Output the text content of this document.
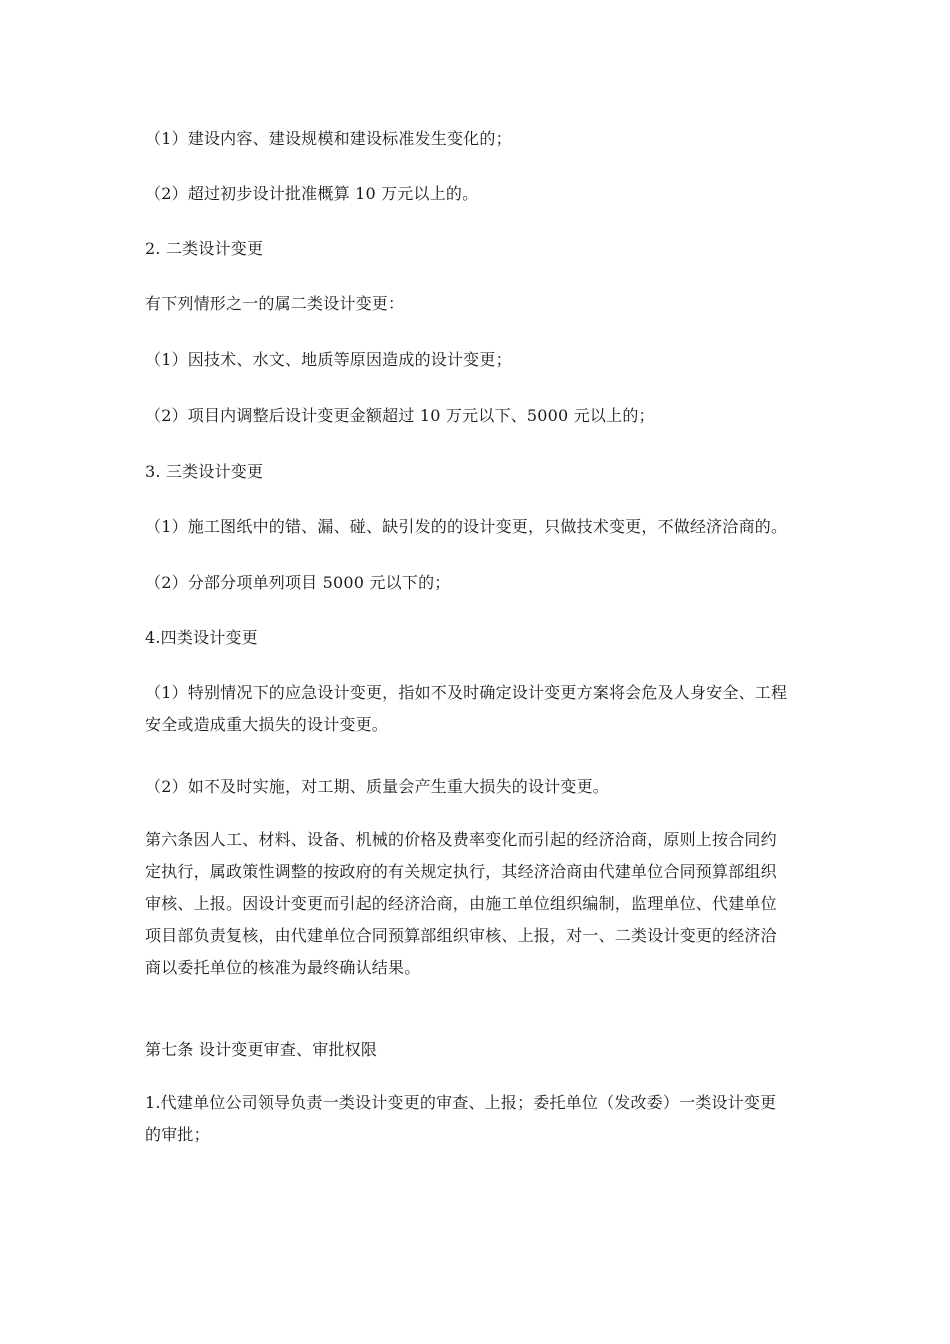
（1）建设内容、建设规模和建设标准发生变化的；
（2）超过初步设计批准概算 10 万元以上的。
2. 二类设计变更
有下列情形之一的属二类设计变更：
（1）因技术、水文、地质等原因造成的设计变更；
（2）项目内调整后设计变更金额超过 10 万元以下、5000 元以上的；
3. 三类设计变更
（1）施工图纸中的错、漏、碰、缺引发的的设计变更，只做技术变更，不做经济洽商的。
（2）分部分项单列项目 5000 元以下的；
4.四类设计变更
（1）特别情况下的应急设计变更，指如不及时确定设计变更方案将会危及人身安全、工程
安全或造成重大损失的设计变更。
（2）如不及时实施，对工期、质量会产生重大损失的设计变更。
第六条因人工、材料、设备、机械的价格及费率变化而引起的经济洽商，原则上按合同约
定执行，属政策性调整的按政府的有关规定执行，其经济洽商由代建单位合同预算部组织
审核、上报。因设计变更而引起的经济洽商，由施工单位组织编制，监理单位、代建单位
项目部负责复核，由代建单位合同预算部组织审核、上报，对一、二类设计变更的经济洽
商以委托单位的核准为最终确认结果。
第七条 设计变更审查、审批权限
1.代建单位公司领导负责一类设计变更的审查、上报；委托单位（发改委）一类设计变更
的审批；
